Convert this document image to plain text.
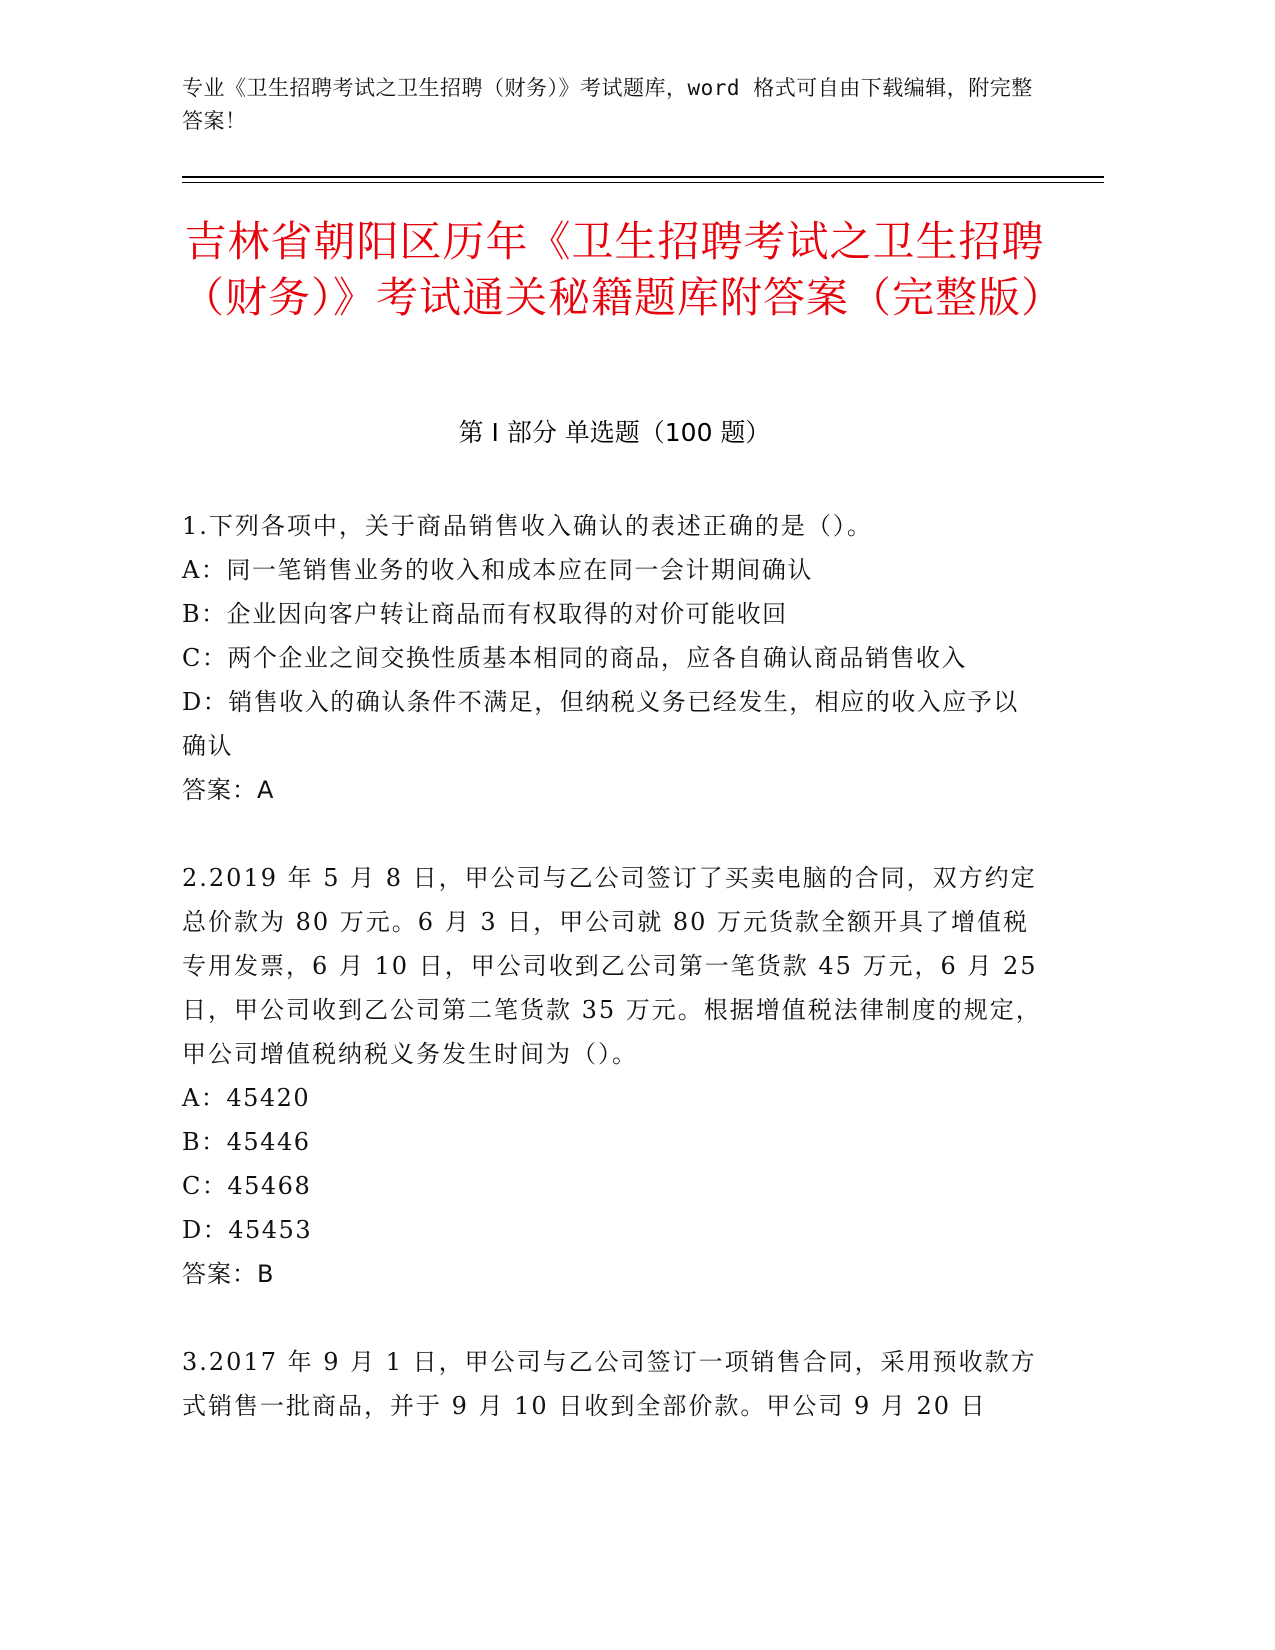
专业《卫生招聘考试之卫生招聘（财务）》考试题库，word 格式可自由下载编辑，附完整答案！
吉林省朝阳区历年《卫生招聘考试之卫生招聘（财务）》考试通关秘籍题库附答案（完整版）
第 I 部分 单选题（100 题）

1.下列各项中，关于商品销售收入确认的表述正确的是（）。

A：同一笔销售业务的收入和成本应在同一会计期间确认

B：企业因向客户转让商品而有权取得的对价可能收回

C：两个企业之间交换性质基本相同的商品，应各自确认商品销售收入

D：销售收入的确认条件不满足，但纳税义务已经发生，相应的收入应予以确认

答案：A

2.2019 年 5 月 8 日，甲公司与乙公司签订了买卖电脑的合同，双方约定总价款为 80 万元。6 月 3 日，甲公司就 80 万元货款全额开具了增值税专用发票，6 月 10 日，甲公司收到乙公司第一笔货款 45 万元，6 月 25 日，甲公司收到乙公司第二笔货款 35 万元。根据增值税法律制度的规定，甲公司增值税纳税义务发生时间为（）。

A：45420

B：45446

C：45468

D：45453

答案：B

3.2017 年 9 月 1 日，甲公司与乙公司签订一项销售合同，采用预收款方式销售一批商品，并于 9 月 10 日收到全部价款。甲公司 9 月 20 日
